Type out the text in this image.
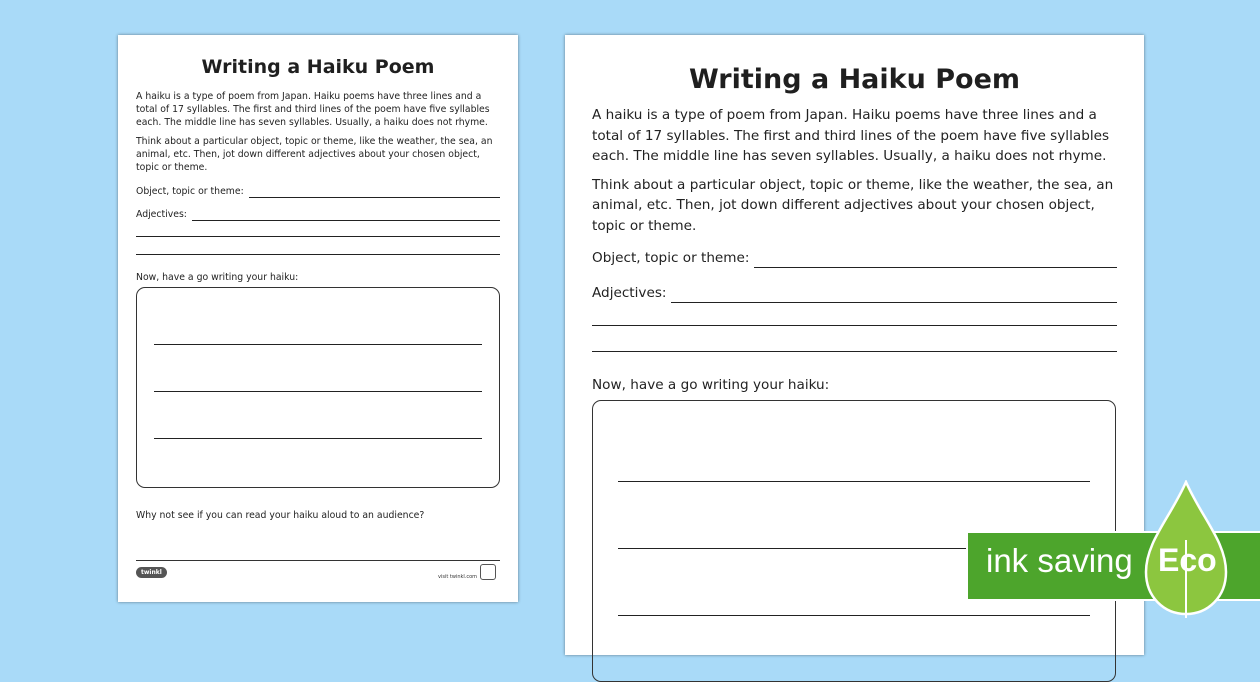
Writing a Haiku Poem

A haiku is a type of poem from Japan. Haiku poems have three lines and a total of 17 syllables. The first and third lines of the poem have five syllables each. The middle line has seven syllables. Usually, a haiku does not rhyme.

Think about a particular object, topic or theme, like the weather, the sea, an animal, etc. Then, jot down different adjectives about your chosen object, topic or theme.

Object, topic or theme:
Adjectives:

Now, have a go writing your haiku:

Why not see if you can read your haiku aloud to an audience?

twinkl
visit twinkl.com
Writing a Haiku Poem

A haiku is a type of poem from Japan. Haiku poems have three lines and a total of 17 syllables. The first and third lines of the poem have five syllables each. The middle line has seven syllables. Usually, a haiku does not rhyme.

Think about a particular object, topic or theme, like the weather, the sea, an animal, etc. Then, jot down different adjectives about your chosen object, topic or theme.

Object, topic or theme:
Adjectives:

Now, have a go writing your haiku:

ink saving Eco
